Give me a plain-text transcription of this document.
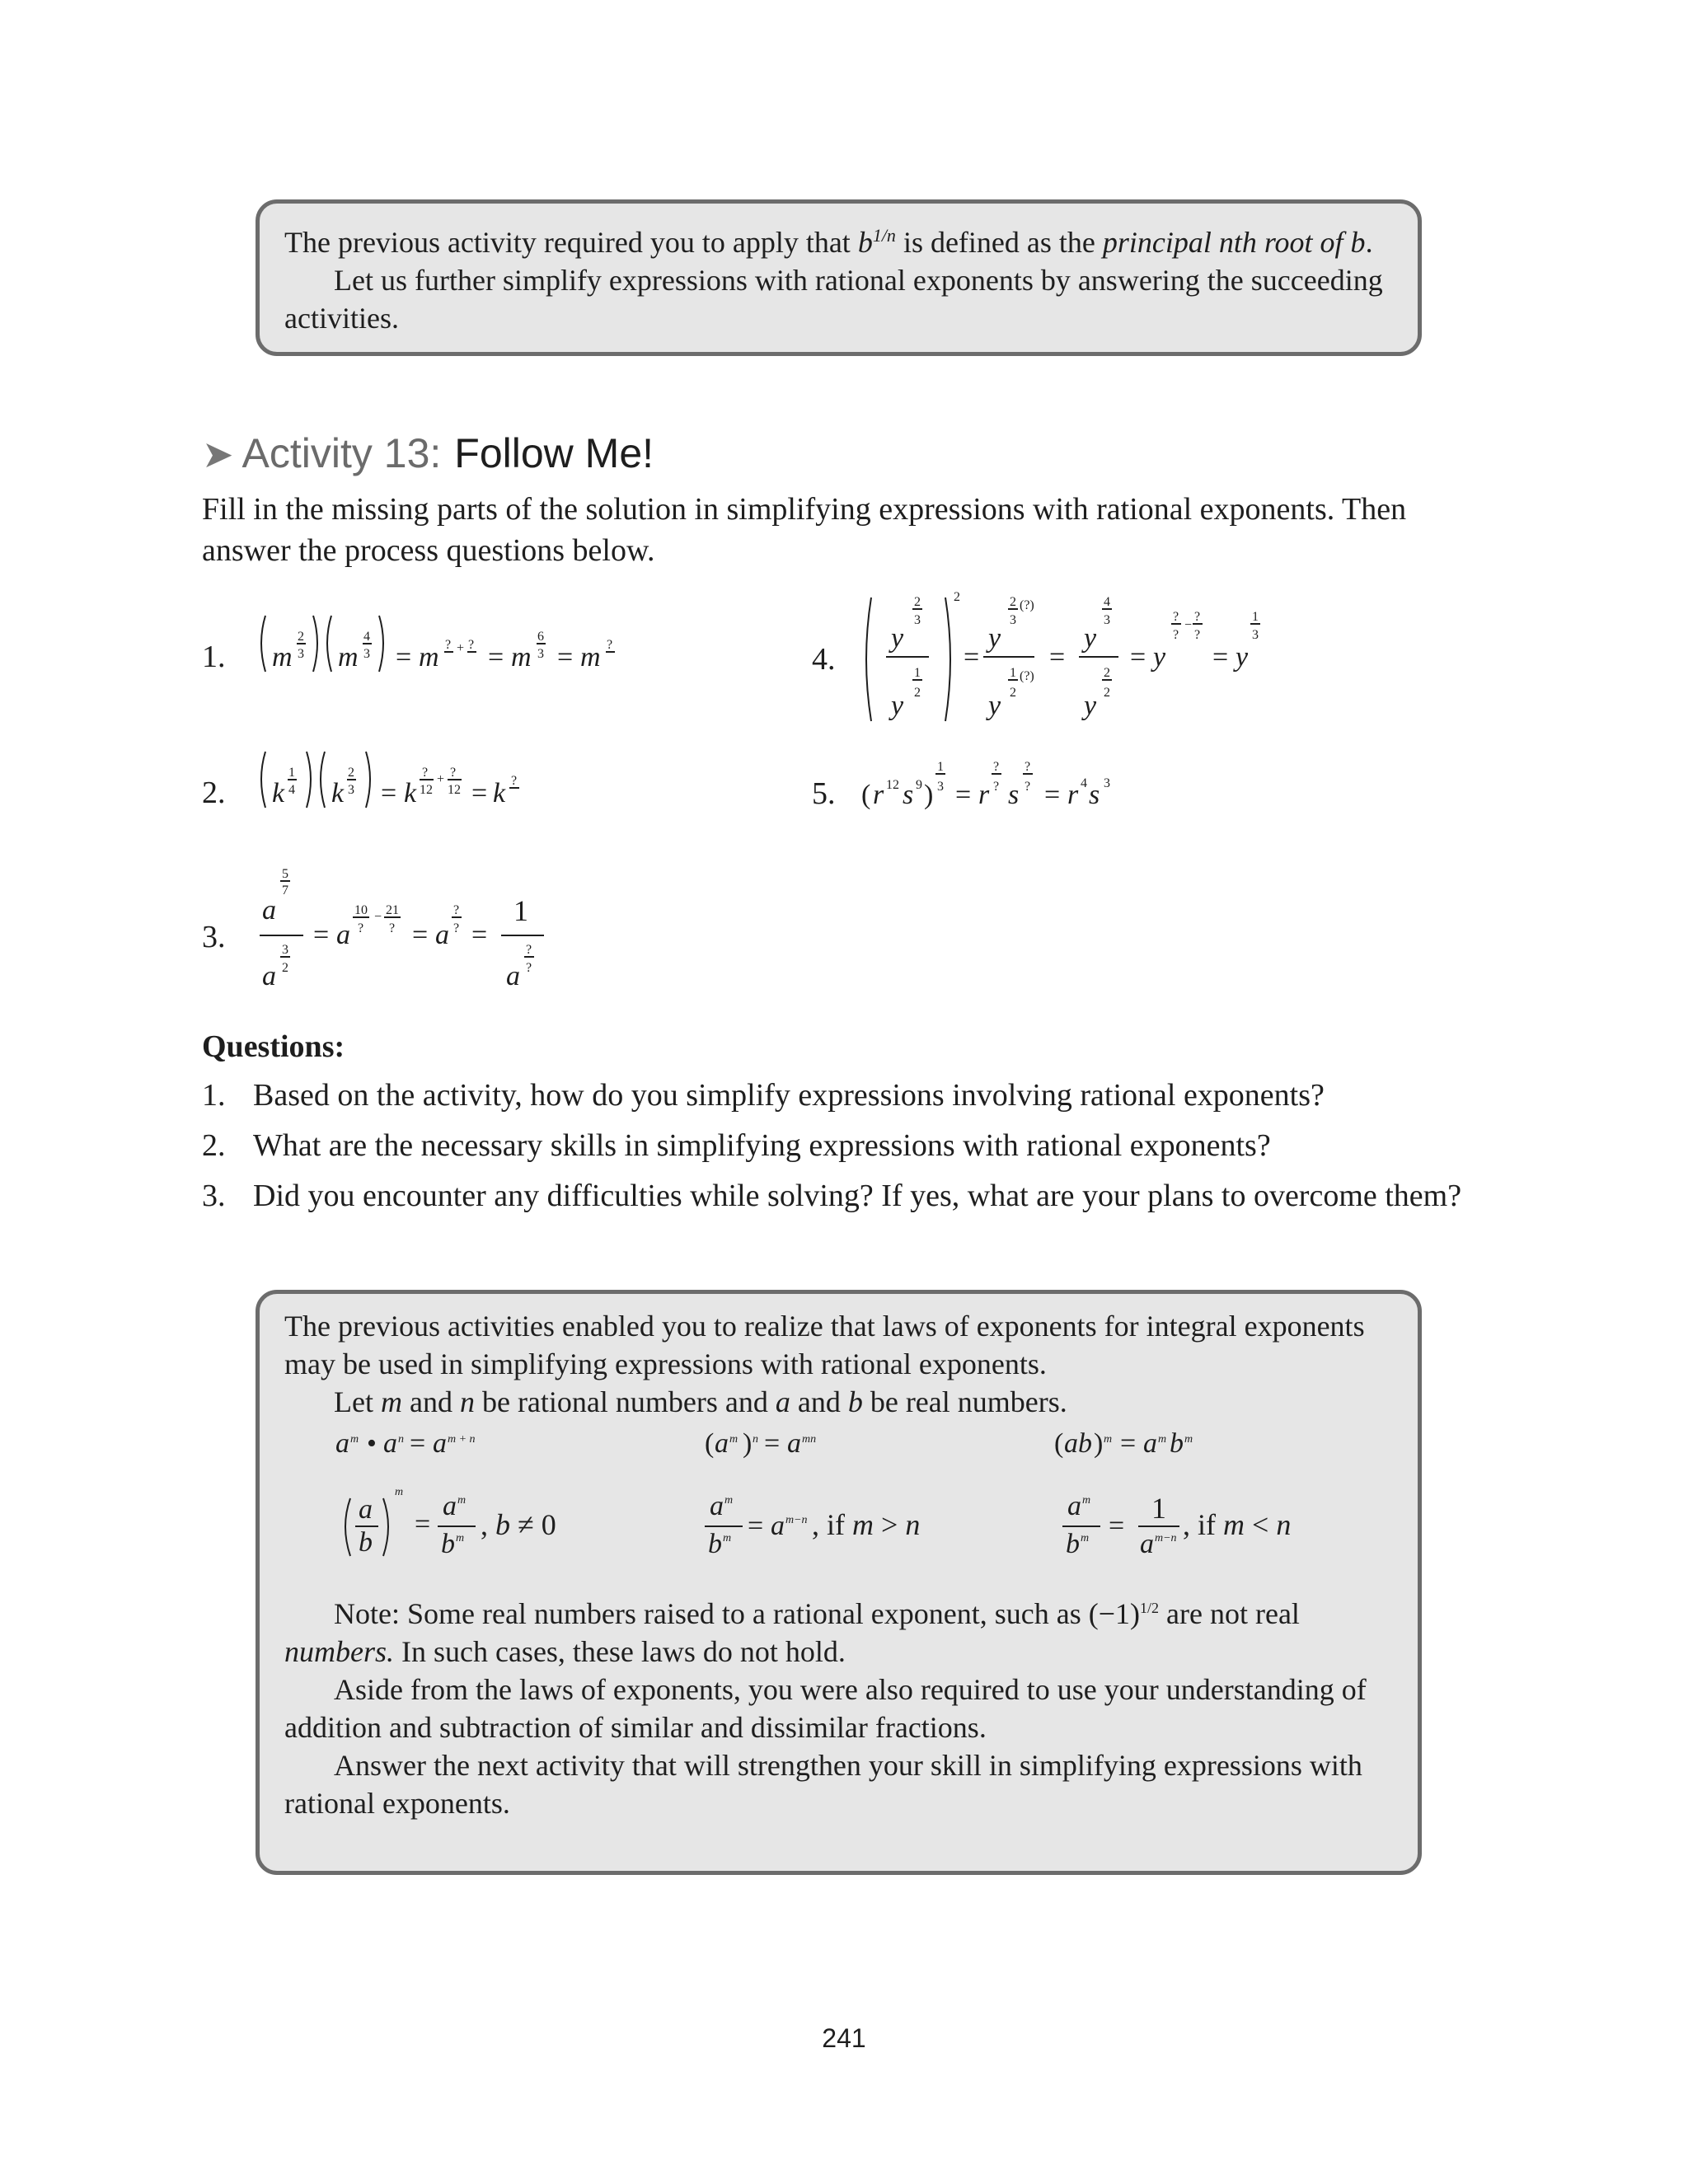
The previous activity required you to apply that $b^{1/n}$ is defined as the principal nth root of b.

Let us further simplify expressions with rational exponents by answering the succeeding activities.

➤ Activity 13: Follow Me!

Fill in the missing parts of the solution in simplifying expressions with rational exponents. Then answer the process questions below.

1. m
2
3 m
4
3 = m ? + ? = m
6
3 = m ?
2. k
1
4 k
2
3 = k
?
12
+ ?
12 = k ?
3.
5
7
a
3
2
a
= a
10
?
− 21
? = a
?
? =
1
?
?
a
4.
2
3
y
1
2
y
2
=
2 (?)
3
y
1 (?)
2
y
=
4
3
y
2
2
y
= y
?
?
−
?
?
= y
1
3
5. ( r 12 s 9 )
1
3 = r
?
? s
?
? = r 4 s 3

Questions:

1. Based on the activity, how do you simplify expressions involving rational exponents?
2. What are the necessary skills in simplifying expressions with rational exponents?
3. Did you encounter any difficulties while solving? If yes, what are your plans to overcome them?

The previous activities enabled you to realize that laws of exponents for integral exponents may be used in simplifying expressions with rational exponents.

Let m and n be rational numbers and a and b be real numbers.

a m • a n = a m + n	( a m ) n = a mn	( ab ) m = a m b m
a
b
m
=
a m
b m , b ≠ 0
a m
b m = a m−n , if m > n
a m
b m =
1
a m−n , if m < n

Note: Some real numbers raised to a rational exponent, such as $(-1)^{1/2}$ are not real numbers. In such cases, these laws do not hold.

Aside from the laws of exponents, you were also required to use your understanding of addition and subtraction of similar and dissimilar fractions.

Answer the next activity that will strengthen your skill in simplifying expressions with rational exponents.

241
